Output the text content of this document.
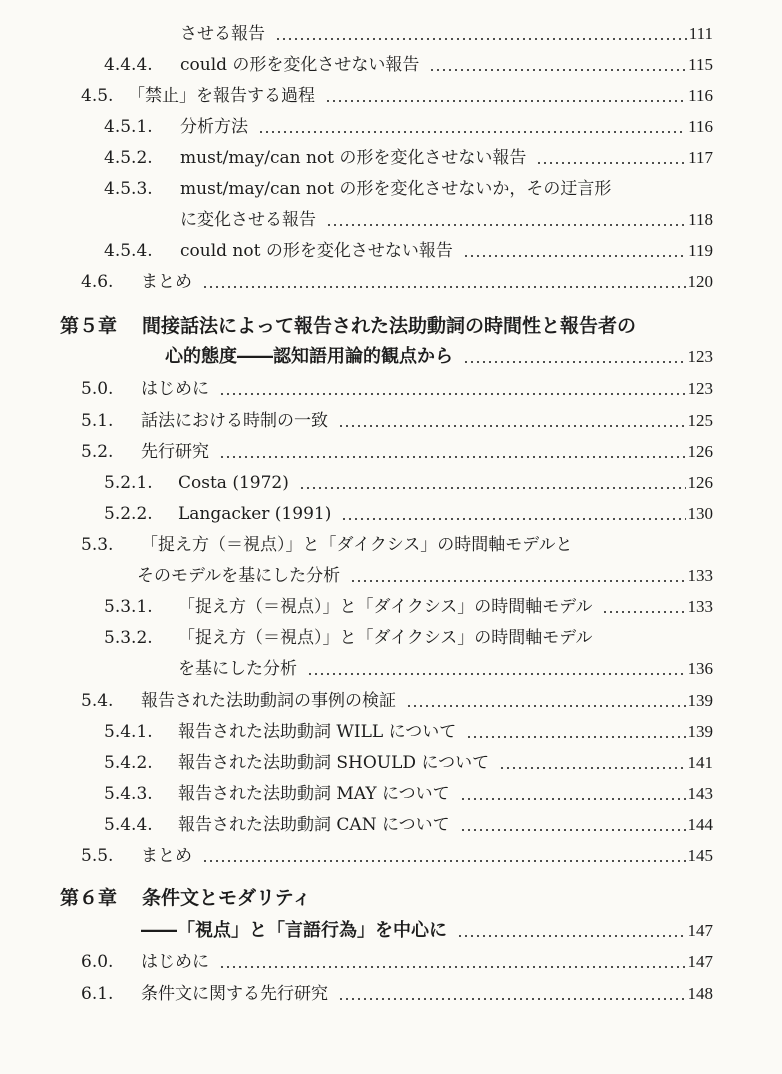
させる報告	111
4.4.4.	could の形を変化させない報告	115
4.5. 「禁止」を報告する過程	116
4.5.1.	分析方法	116
4.5.2.	must/may/can not の形を変化させない報告	117
4.5.3.	must/may/can not の形を変化させないか，その迂言形
に変化させる報告	118
4.5.4.	could not の形を変化させない報告	119
4.6.	まとめ	120
第５章	間接話法によって報告された法助動詞の時間性と報告者の
心的態度――認知語用論的観点から	123
5.0.	はじめに	123
5.1.	話法における時制の一致	125
5.2.	先行研究	126
5.2.1.	Costa (1972)	126
5.2.2.	Langacker (1991)	130
5.3.	「捉え方（＝視点）」と「ダイクシス」の時間軸モデルと
そのモデルを基にした分析	133
5.3.1.	「捉え方（＝視点）」と「ダイクシス」の時間軸モデル	133
5.3.2.	「捉え方（＝視点）」と「ダイクシス」の時間軸モデル
を基にした分析	136
5.4.	報告された法助動詞の事例の検証	139
5.4.1.	報告された法助動詞 WILL について	139
5.4.2.	報告された法助動詞 SHOULD について	141
5.4.3.	報告された法助動詞 MAY について	143
5.4.4.	報告された法助動詞 CAN について	144
5.5.	まとめ	145
第６章	条件文とモダリティ
――「視点」と「言語行為」を中心に	147
6.0.	はじめに	147
6.1.	条件文に関する先行研究	148
